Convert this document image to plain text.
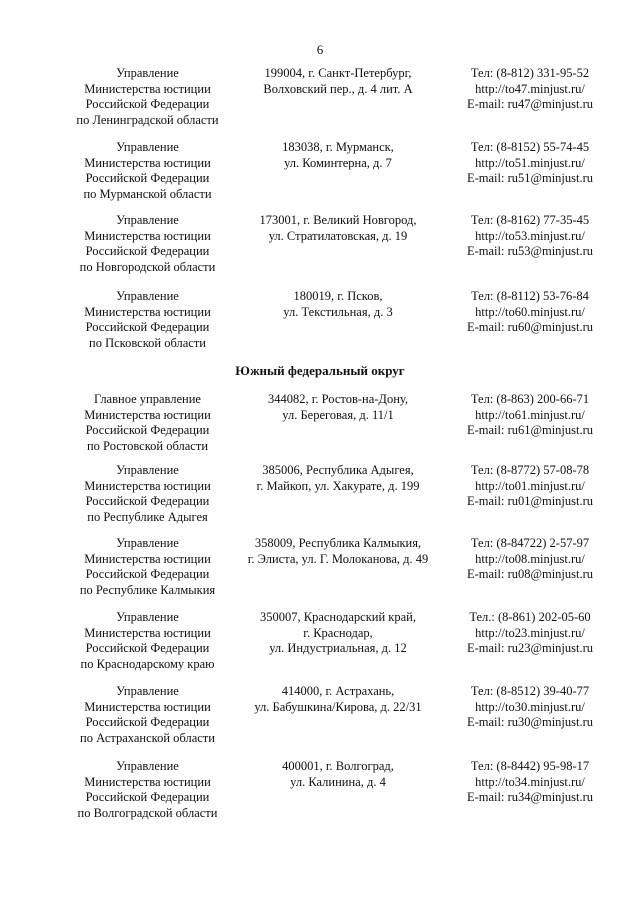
6
Управление
Министерства юстиции
Российской Федерации
по Ленинградской области
199004, г. Санкт-Петербург,
Волховский пер., д. 4 лит. А
Тел: (8-812) 331-95-52
http://to47.minjust.ru/
E-mail: ru47@minjust.ru
Управление
Министерства юстиции
Российской Федерации
по Мурманской области
183038, г. Мурманск,
ул. Коминтерна, д. 7
Тел: (8-8152) 55-74-45
http://to51.minjust.ru/
E-mail: ru51@minjust.ru
Управление
Министерства юстиции
Российской Федерации
по Новгородской области
173001, г. Великий Новгород,
ул. Стратилатовская, д. 19
Тел: (8-8162) 77-35-45
http://to53.minjust.ru/
E-mail: ru53@minjust.ru
Управление
Министерства юстиции
Российской Федерации
по Псковской области
180019, г. Псков,
ул. Текстильная, д. 3
Тел: (8-8112) 53-76-84
http://to60.minjust.ru/
E-mail: ru60@minjust.ru
Южный федеральный округ
Главное управление
Министерства юстиции
Российской Федерации
по Ростовской области
344082, г. Ростов-на-Дону,
ул. Береговая, д. 11/1
Тел: (8-863) 200-66-71
http://to61.minjust.ru/
E-mail: ru61@minjust.ru
Управление
Министерства юстиции
Российской Федерации
по Республике Адыгея
385006, Республика Адыгея,
г. Майкоп, ул. Хакурате, д. 199
Тел: (8-8772) 57-08-78
http://to01.minjust.ru/
E-mail: ru01@minjust.ru
Управление
Министерства юстиции
Российской Федерации
по Республике Калмыкия
358009, Республика Калмыкия,
г. Элиста, ул. Г. Молоканова, д. 49
Тел: (8-84722) 2-57-97
http://to08.minjust.ru/
E-mail: ru08@minjust.ru
Управление
Министерства юстиции
Российской Федерации
по Краснодарскому краю
350007, Краснодарский край,
г. Краснодар,
ул. Индустриальная, д. 12
Тел.: (8-861) 202-05-60
http://to23.minjust.ru/
E-mail: ru23@minjust.ru
Управление
Министерства юстиции
Российской Федерации
по Астраханской области
414000, г. Астрахань,
ул. Бабушкина/Кирова, д. 22/31
Тел: (8-8512) 39-40-77
http://to30.minjust.ru/
E-mail: ru30@minjust.ru
Управление
Министерства юстиции
Российской Федерации
по Волгоградской области
400001, г. Волгоград,
ул. Калинина, д. 4
Тел: (8-8442) 95-98-17
http://to34.minjust.ru/
E-mail: ru34@minjust.ru
